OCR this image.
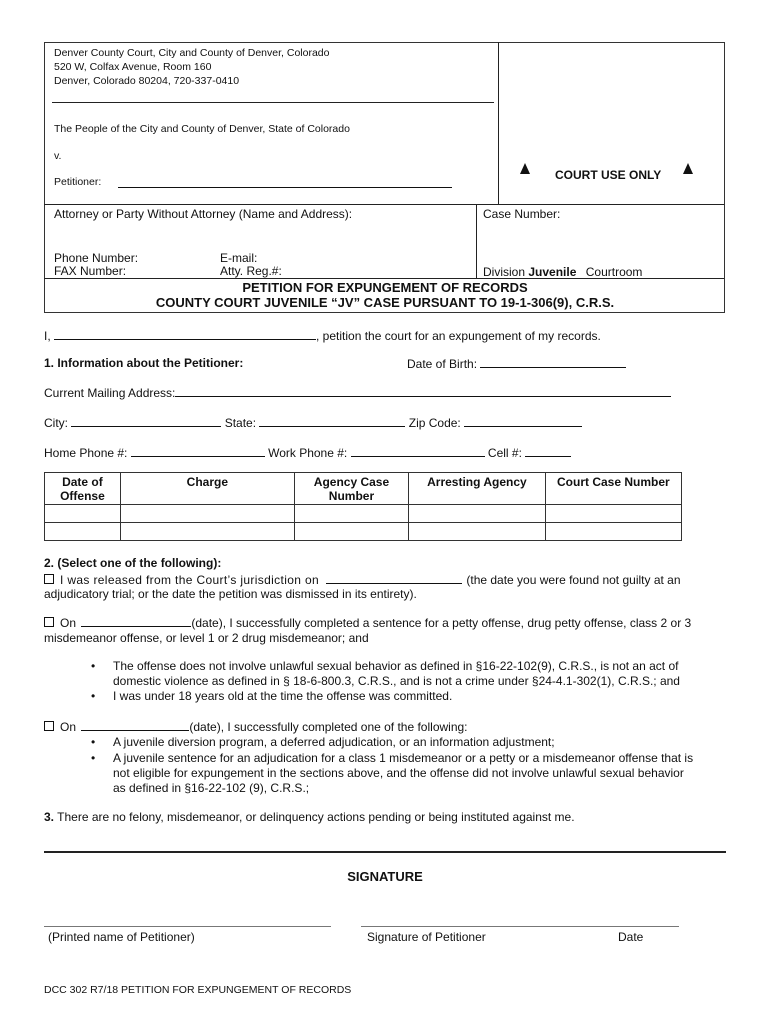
Denver County Court, City and County of Denver, Colorado
520 W, Colfax Avenue, Room 160
Denver, Colorado 80204, 720-337-0410
The People of the City and County of Denver, State of Colorado
v.
Petitioner:	COURT USE ONLY
Attorney or Party Without Attorney (Name and Address):
Phone Number:
FAX Number:
E-mail:
Atty. Reg.#:
Case Number:
Division Juvenile Courtroom
PETITION FOR EXPUNGEMENT OF RECORDS
COUNTY COURT JUVENILE “JV” CASE PURSUANT TO 19-1-306(9), C.R.S.
I,	, petition the court for an expungement of my records.
1. Information about the Petitioner:	Date of Birth:
Current Mailing Address:
City:	State:	Zip Code:
Home Phone #:	Work Phone #:	Cell #:
Date of Offense	Charge	Agency Case Number	Arresting Agency	Court Case Number

2. (Select one of the following):
I was released from the Court’s jurisdiction on	(the date you were found not guilty at an
adjudicatory trial; or the date the petition was dismissed in its entirety).
On	(date), I successfully completed a sentence for a petty offense, drug petty offense, class 2 or 3
misdemeanor offense, or level 1 or 2 drug misdemeanor; and
• The offense does not involve unlawful sexual behavior as defined in §16-22-102(9), C.R.S., is not an act of
domestic violence as defined in § 18-6-800.3, C.R.S., and is not a crime under §24-4.1-302(1), C.R.S.; and
• I was under 18 years old at the time the offense was committed.
On	(date), I successfully completed one of the following:
• A juvenile diversion program, a deferred adjudication, or an information adjustment;
• A juvenile sentence for an adjudication for a class 1 misdemeanor or a petty or a misdemeanor offense that is
not eligible for expungement in the sections above, and the offense did not involve unlawful sexual behavior
as defined in §16-22-102 (9), C.R.S.;
3. There are no felony, misdemeanor, or delinquency actions pending or being instituted against me.
SIGNATURE
(Printed name of Petitioner)	Signature of Petitioner	Date
DCC 302 R7/18 PETITION FOR EXPUNGEMENT OF RECORDS
